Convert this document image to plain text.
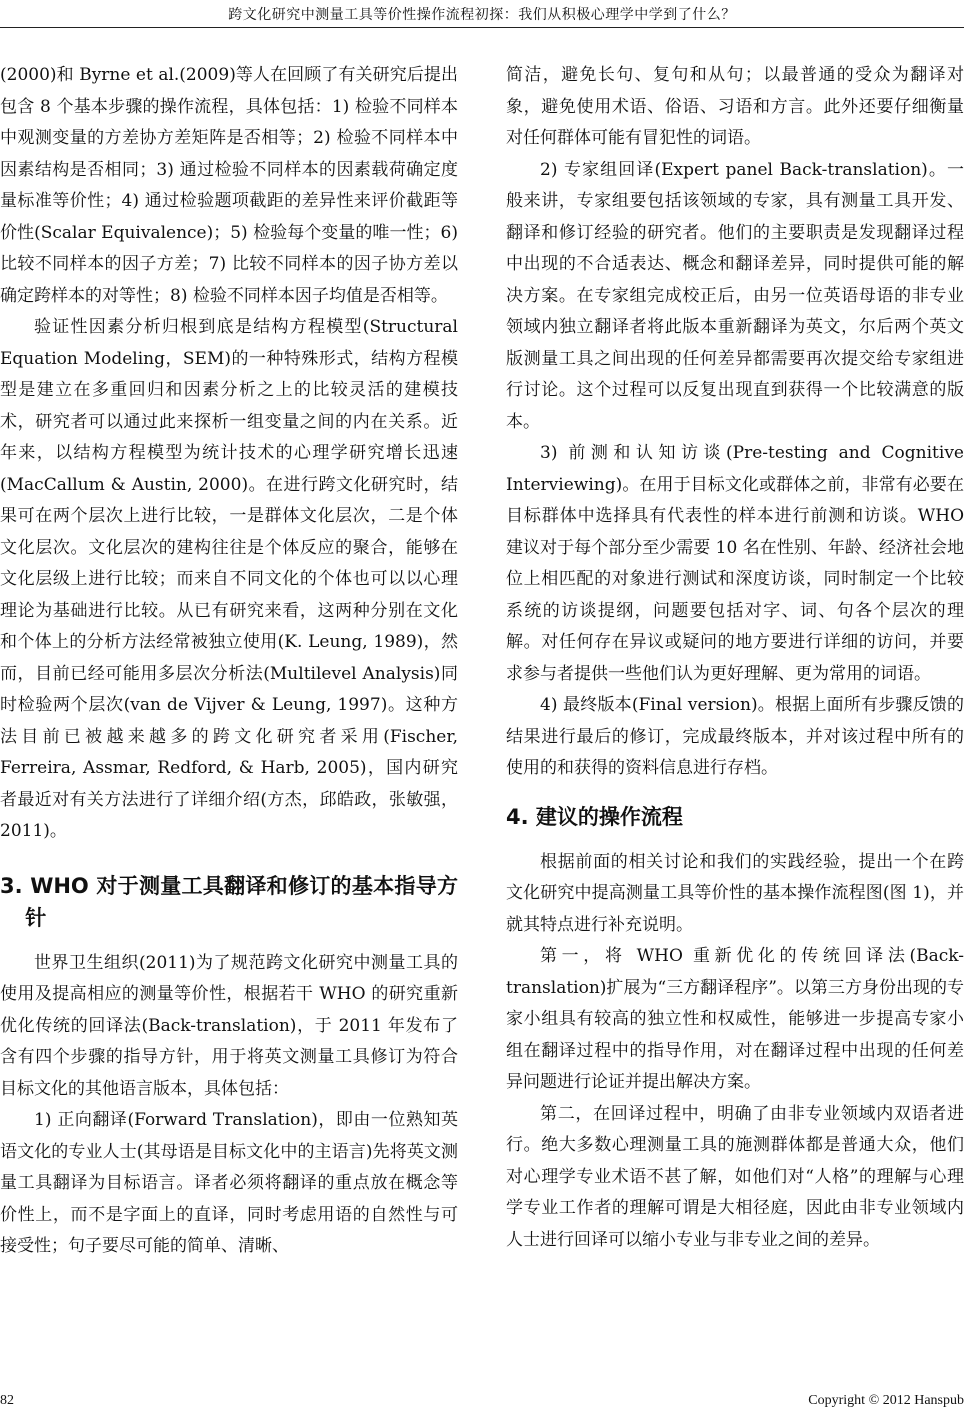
跨文化研究中测量工具等价性操作流程初探：我们从积极心理学中学到了什么？

(2000)和 Byrne et al.(2009)等人在回顾了有关研究后提出包含 8 个基本步骤的操作流程，具体包括：1) 检验不同样本中观测变量的方差协方差矩阵是否相等；2) 检验不同样本中因素结构是否相同；3) 通过检验不同样本的因素载荷确定度量标准等价性；4) 通过检验题项截距的差异性来评价截距等价性(Scalar Equivalence)；5) 检验每个变量的唯一性；6) 比较不同样本的因子方差；7) 比较不同样本的因子协方差以确定跨样本的对等性；8) 检验不同样本因子均值是否相等。

验证性因素分析归根到底是结构方程模型(Structural Equation Modeling，SEM)的一种特殊形式，结构方程模型是建立在多重回归和因素分析之上的比较灵活的建模技术，研究者可以通过此来探析一组变量之间的内在关系。近年来，以结构方程模型为统计技术的心理学研究增长迅速(MacCallum & Austin, 2000)。在进行跨文化研究时，结果可在两个层次上进行比较，一是群体文化层次，二是个体文化层次。文化层次的建构往往是个体反应的聚合，能够在文化层级上进行比较；而来自不同文化的个体也可以以心理理论为基础进行比较。从已有研究来看，这两种分别在文化和个体上的分析方法经常被独立使用(K. Leung, 1989)，然而，目前已经可能用多层次分析法(Multilevel Analysis)同时检验两个层次(van de Vijver & Leung, 1997)。这种方法目前已被越来越多的跨文化研究者采用(Fischer, Ferreira, Assmar, Redford, & Harb, 2005)，国内研究者最近对有关方法进行了详细介绍(方杰，邱皓政，张敏强，2011)。

3. WHO 对于测量工具翻译和修订的基本指导方针

世界卫生组织(2011)为了规范跨文化研究中测量工具的使用及提高相应的测量等价性，根据若干 WHO 的研究重新优化传统的回译法(Back-translation)，于 2011 年发布了含有四个步骤的指导方针，用于将英文测量工具修订为符合目标文化的其他语言版本，具体包括：

1) 正向翻译(Forward Translation)，即由一位熟知英语文化的专业人士(其母语是目标文化中的主语言)先将英文测量工具翻译为目标语言。译者必须将翻译的重点放在概念等价性上，而不是字面上的直译，同时考虑用语的自然性与可接受性；句子要尽可能的简单、清晰、

简洁，避免长句、复句和从句；以最普通的受众为翻译对象，避免使用术语、俗语、习语和方言。此外还要仔细衡量对任何群体可能有冒犯性的词语。

2) 专家组回译(Expert panel Back-translation)。一般来讲，专家组要包括该领域的专家，具有测量工具开发、翻译和修订经验的研究者。他们的主要职责是发现翻译过程中出现的不合适表达、概念和翻译差异，同时提供可能的解决方案。在专家组完成校正后，由另一位英语母语的非专业领域内独立翻译者将此版本重新翻译为英文，尔后两个英文版测量工具之间出现的任何差异都需要再次提交给专家组进行讨论。这个过程可以反复出现直到获得一个比较满意的版本。

3) 前测和认知访谈(Pre-testing and Cognitive Interviewing)。在用于目标文化或群体之前，非常有必要在目标群体中选择具有代表性的样本进行前测和访谈。WHO 建议对于每个部分至少需要 10 名在性别、年龄、经济社会地位上相匹配的对象进行测试和深度访谈，同时制定一个比较系统的访谈提纲，问题要包括对字、词、句各个层次的理解。对任何存在异议或疑问的地方要进行详细的访问，并要求参与者提供一些他们认为更好理解、更为常用的词语。

4) 最终版本(Final version)。根据上面所有步骤反馈的结果进行最后的修订，完成最终版本，并对该过程中所有的使用的和获得的资料信息进行存档。

4. 建议的操作流程

根据前面的相关讨论和我们的实践经验，提出一个在跨文化研究中提高测量工具等价性的基本操作流程图(图 1)，并就其特点进行补充说明。

第一，将 WHO 重新优化的传统回译法(Back-translation)扩展为“三方翻译程序”。以第三方身份出现的专家小组具有较高的独立性和权威性，能够进一步提高专家小组在翻译过程中的指导作用，对在翻译过程中出现的任何差异问题进行论证并提出解决方案。

第二，在回译过程中，明确了由非专业领域内双语者进行。绝大多数心理测量工具的施测群体都是普通大众，他们对心理学专业术语不甚了解，如他们对“人格”的理解与心理学专业工作者的理解可谓是大相径庭，因此由非专业领域内人士进行回译可以缩小专业与非专业之间的差异。

82	Copyright © 2012 Hanspub
